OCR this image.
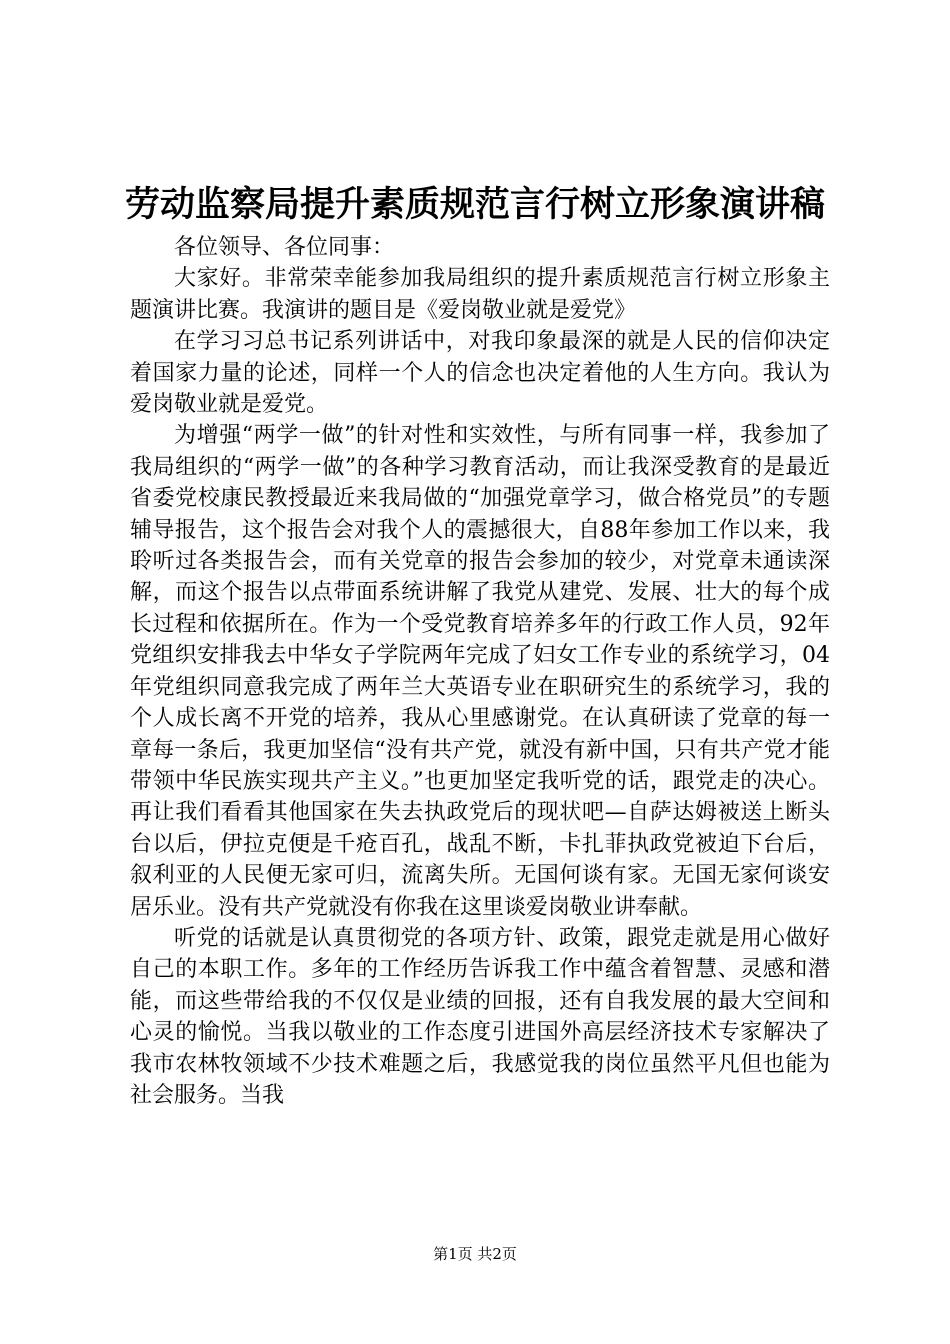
劳动监察局提升素质规范言行树立形象演讲稿

各位领导、各位同事：

大家好。非常荣幸能参加我局组织的提升素质规范言行树立形象主题演讲比赛。我演讲的题目是《爱岗敬业就是爱党》

在学习习总书记系列讲话中，对我印象最深的就是人民的信仰决定着国家力量的论述，同样一个人的信念也决定着他的人生方向。我认为爱岗敬业就是爱党。

为增强“两学一做”的针对性和实效性，与所有同事一样，我参加了我局组织的“两学一做”的各种学习教育活动，而让我深受教育的是最近省委党校康民教授最近来我局做的“加强党章学习，做合格党员”的专题辅导报告，这个报告会对我个人的震撼很大，自88年参加工作以来，我聆听过各类报告会，而有关党章的报告会参加的较少，对党章未通读深解，而这个报告以点带面系统讲解了我党从建党、发展、壮大的每个成长过程和依据所在。作为一个受党教育培养多年的行政工作人员，92年党组织安排我去中华女子学院两年完成了妇女工作专业的系统学习，04年党组织同意我完成了两年兰大英语专业在职研究生的系统学习，我的个人成长离不开党的培养，我从心里感谢党。在认真研读了党章的每一章每一条后，我更加坚信“没有共产党，就没有新中国，只有共产党才能带领中华民族实现共产主义。”也更加坚定我听党的话，跟党走的决心。再让我们看看其他国家在失去执政党后的现状吧—自萨达姆被送上断头台以后，伊拉克便是千疮百孔，战乱不断，卡扎菲执政党被迫下台后，叙利亚的人民便无家可归，流离失所。无国何谈有家。无国无家何谈安居乐业。没有共产党就没有你我在这里谈爱岗敬业讲奉献。

听党的话就是认真贯彻党的各项方针、政策，跟党走就是用心做好自己的本职工作。多年的工作经历告诉我工作中蕴含着智慧、灵感和潜能，而这些带给我的不仅仅是业绩的回报，还有自我发展的最大空间和心灵的愉悦。当我以敬业的工作态度引进国外高层经济技术专家解决了我市农林牧领域不少技术难题之后，我感觉我的岗位虽然平凡但也能为社会服务。当我

第1页 共2页
